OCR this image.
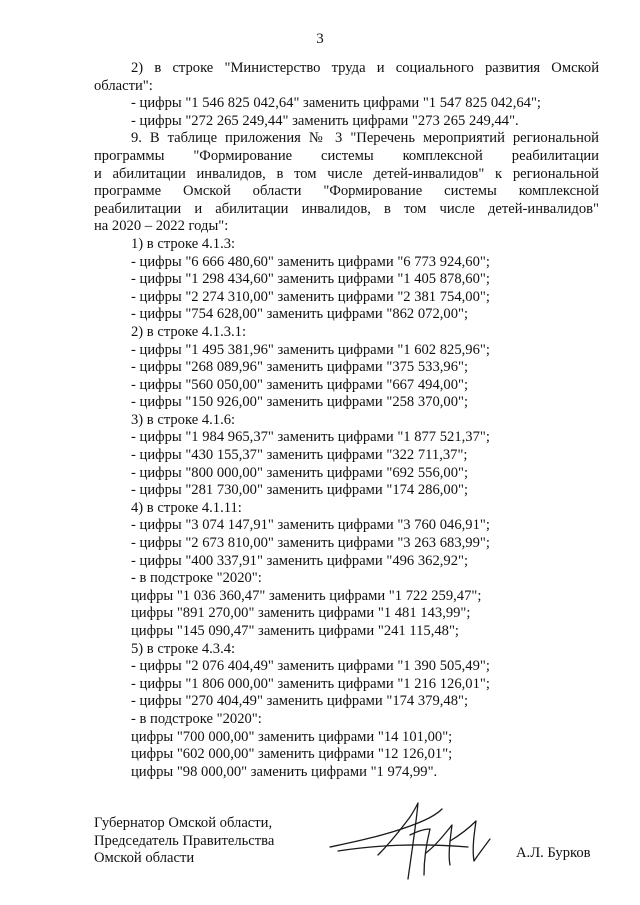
3
2) в строке "Министерство труда и социального развития Омской
области":
- цифры "1 546 825 042,64" заменить цифрами "1 547 825 042,64";
- цифры "272 265 249,44" заменить цифрами "273 265 249,44".
9. В таблице приложения № 3 "Перечень мероприятий региональной
программы "Формирование системы комплексной реабилитации
и абилитации инвалидов, в том числе детей-инвалидов" к региональной
программе Омской области "Формирование системы комплексной
реабилитации и абилитации инвалидов, в том числе детей-инвалидов"
на 2020 – 2022 годы":
1) в строке 4.1.3:
- цифры "6 666 480,60" заменить цифрами "6 773 924,60";
- цифры "1 298 434,60" заменить цифрами "1 405 878,60";
- цифры "2 274 310,00" заменить цифрами "2 381 754,00";
- цифры "754 628,00" заменить цифрами "862 072,00";
2) в строке 4.1.3.1:
- цифры "1 495 381,96" заменить цифрами "1 602 825,96";
- цифры "268 089,96" заменить цифрами "375 533,96";
- цифры "560 050,00" заменить цифрами "667 494,00";
- цифры "150 926,00" заменить цифрами "258 370,00";
3) в строке 4.1.6:
- цифры "1 984 965,37" заменить цифрами "1 877 521,37";
- цифры "430 155,37" заменить цифрами "322 711,37";
- цифры "800 000,00" заменить цифрами "692 556,00";
- цифры "281 730,00" заменить цифрами "174 286,00";
4) в строке 4.1.11:
- цифры "3 074 147,91" заменить цифрами "3 760 046,91";
- цифры "2 673 810,00" заменить цифрами "3 263 683,99";
- цифры "400 337,91" заменить цифрами "496 362,92";
- в подстроке "2020":
цифры "1 036 360,47" заменить цифрами "1 722 259,47";
цифры "891 270,00" заменить цифрами "1 481 143,99";
цифры "145 090,47" заменить цифрами "241 115,48";
5) в строке 4.3.4:
- цифры "2 076 404,49" заменить цифрами "1 390 505,49";
- цифры "1 806 000,00" заменить цифрами "1 216 126,01";
- цифры "270 404,49" заменить цифрами "174 379,48";
- в подстроке "2020":
цифры "700 000,00" заменить цифрами "14 101,00";
цифры "602 000,00" заменить цифрами "12 126,01";
цифры "98 000,00" заменить цифрами "1 974,99".
Губернатор Омской области,
Председатель Правительства
Омской области	А.Л. Бурков
